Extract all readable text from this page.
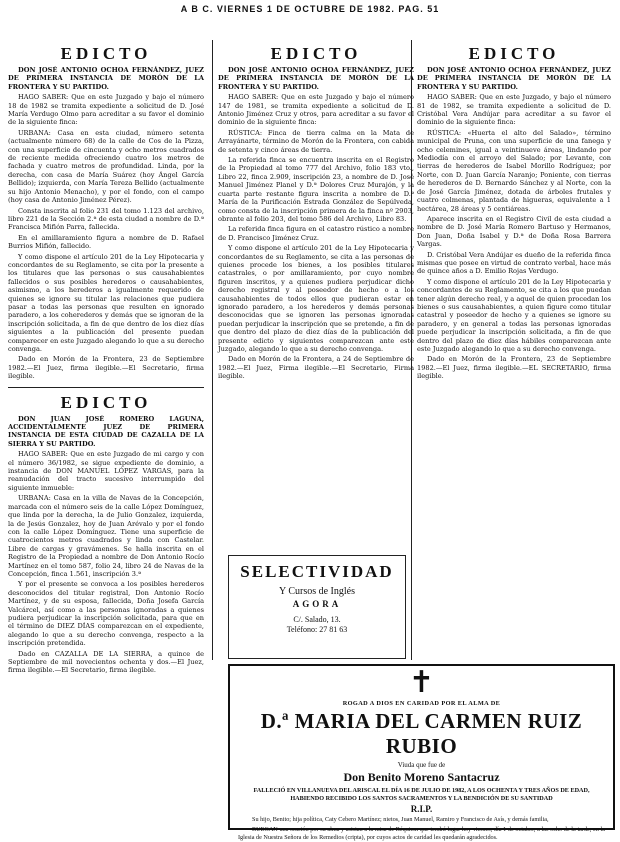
A B C. VIERNES 1 DE OCTUBRE DE 1982. PAG. 51
EDICTO

DON JOSÉ ANTONIO OCHOA FERNÁNDEZ, JUEZ DE PRIMERA INSTANCIA DE MORÓN DE LA FRONTERA Y SU PARTIDO.

HAGO SABER: Que en este Juzgado y bajo el número 18 de 1982 se tramita expediente a solicitud de D. José María Verdugo Olmo para acreditar a su favor el dominio de la siguiente finca:

URBANA: Casa en esta ciudad, número setenta (actualmente número 68) de la calle de Cos de la Pizza, con una superficie de cincuenta y ocho metros cuadrados de reciente medida ofreciendo cuatro los metros de fachada y cuatro metros de profundidad. Linda, por la derecha, con casa de María Suárez (hoy Ángel García Bellido); izquierda, con María Tereza Bellido (actualmente su hijo Antonio Menacho), y por el fondo, con el campo (hoy casa de Antonio Jiménez Pérez).

Consta inscrita al folio 231 del tomo 1.123 del archivo, libro 221 de la Sección 2.ª de esta ciudad a nombre de D.ª Francisca Mifión Parra, fallecida.

En el amillaramiento figura a nombre de D. Rafael Burrios Mifión, fallecido.

Y como dispone el artículo 201 de la Ley Hipotecaria y concordantes de su Reglamento, se cita por la presente a los titulares que las personas o sus causahabientes fallecidos o sus posibles herederos o causahabientes, asimismo, a los herederos a igualmente requerido de quienes se ignore su titular las relaciones que pudiera pasar a todas las personas que resulten en ignorado paradero, a los coherederos y demás que se ignoran de la inscripción solicitada, a fin de que dentro de los diez días siguientes a la publicación del presente puedan comparecer en este Juzgado alegando lo que a su derecho convenga.

Dado en Morón de la Frontera, 23 de Septiembre 1982.—El Juez, firma ilegible.—El Secretario, firma ilegible.

EDICTO

DON JUAN JOSÉ ROMERO LAGUNA, ACCIDENTALMENTE JUEZ DE PRIMERA INSTANCIA DE ESTA CIUDAD DE CAZALLA DE LA SIERRA Y SU PARTIDO.

HAGO SABER: Que en este Juzgado de mi cargo y con el número 36/1982, se sigue expediente de dominio, a instancia de DON MANUEL LÓPEZ VARGAS, para la reanudación del tracto sucesivo interrumpido del siguiente inmueble:

URBANA: Casa en la villa de Navas de la Concepción, marcada con el número seis de la calle López Domínguez, que linda por la derecha, la de Julio Gonzalez, izquierda, la de Jesús Gonzalez, hoy de Juan Arévalo y por el fondo con la calle López Domínguez. Tiene una superficie de cuatrocientos metros cuadrados y linda con Castelar. Libre de cargas y gravámenes. Se halla inscrita en el Registro de la Propiedad a nombre de Don Antonio Rocío Martínez en el tomo 587, folio 24, libro 24 de Navas de la Concepción, finca 1.561, inscripción 3.ª

Y por el presente se convoca a los posibles herederos desconocidos del titular registral, Don Antonio Rocío Martínez, y de su esposa, fallecida, Doña Josefa García Valcárcel, así como a las personas ignoradas a quienes pudiera perjudicar la inscripción solicitada, para que en el término de DIEZ DÍAS comparezcan en el expediente, alegando lo que a su derecho convenga, respecto a la inscripción pretendida.

Dado en CAZALLA DE LA SIERRA, a quince de Septiembre de mil novecientos ochenta y dos.—El Juez, firma ilegible.—El Secretario, firma ilegible.

EDICTO

DON JOSÉ ANTONIO OCHOA FERNÁNDEZ, JUEZ DE PRIMERA INSTANCIA DE MORÓN DE LA FRONTERA Y SU PARTIDO.

HAGO SABER: Que en este Juzgado y bajo el número 147 de 1981, se tramita expediente a solicitud de D. Antonio Jiménez Cruz y otros, para acreditar a su favor el dominio de la siguiente finca:

RÚSTICA: Finca de tierra calma en la Mata de Arrayánarte, término de Morón de la Frontera, con cabida de setenta y cinco áreas de tierra.

La referida finca se encuentra inscrita en el Registro de la Propiedad al tomo 777 del Archivo, folio 183 vto., Libro 22, finca 2.909, inscripción 23, a nombre de D. José Manuel Jiménez Planel y D.ª Dolores Cruz Murajón, y la cuarta parte restante figura inscrita a nombre de D.ª María de la Purificación Estrada González de Sepúlveda, como consta de la inscripción primera de la finca nº 2903, obrante al folio 203, del tomo 586 del Archivo, Libro 83.

La referida finca figura en el catastro rústico a nombre de D. Francisco Jiménez Cruz.

Y como dispone el artículo 201 de la Ley Hipotecaria y concordantes de su Reglamento, se cita a las personas de quienes procede los bienes, a los posibles titulares catastrales, o por amillaramiento, por cuyo nombre figuren inscritos, y a quienes pudiera perjudicar dicho derecho registral y al poseedor de hecho o a los causahabientes de todos ellos que pudieran estar en ignorado paradero, a los herederos y demás personas desconocidas que se ignoren las personas ignoradas puedan perjudicar la inscripción que se pretende, a fin de que dentro del plazo de diez días de la publicación del presente edicto y siguientes comparezcan ante este Juzgado, alegando lo que a su derecho convenga.

Dado en Morón de la Frontera, a 24 de Septiembre de 1982.—El Juez, Firma ilegible.—El Secretario, Firma ilegible.

EDICTO

DON JOSÉ ANTONIO OCHOA FERNÁNDEZ, JUEZ DE PRIMERA INSTANCIA DE MORÓN DE LA FRONTERA Y SU PARTIDO.

HAGO SABER: Que en este Juzgado, y bajo el número 81 de 1982, se tramita expediente a solicitud de D. Cristóbal Vera Andújar para acreditar a su favor el dominio de la siguiente finca:

RÚSTICA: «Huerta el alto del Salado», término municipal de Pruna, con una superficie de una fanega y ocho celemines, igual a veintinueve áreas, lindando por Mediodía con el arroyo del Salado; por Levante, con tierras de herederos de Isabel Morillo Rodríguez; por Norte, con D. Juan García Naranjo; Poniente, con tierras de herederos de D. Bernardo Sánchez y al Norte, con la de José García Jiménez, dotada de árboles frutales y cuatro colmenas, plantada de higueras, equivalente a 1 hectárea, 28 áreas y 5 centiáreas.

Aparece inscrita en el Registro Civil de esta ciudad a nombre de D. José María Romero Bartuso y Hermanos, Don Juan, Doña Isabel y D.ª de Doña Rosa Barrera Vargas.

D. Cristóbal Vera Andújar es dueño de la referida finca mismas que posee en virtud de contrato verbal, hace más de quince años a D. Emilio Rojas Verdugo.

Y como dispone el artículo 201 de la Ley Hipotecaria y concordantes de su Reglamento, se cita a los que puedan tener algún derecho real, y a aquel de quien procedan los bienes o sus causahabientes, a quien figure como titular catastral y poseedor de hecho y a quienes se ignore su paradero, y en general a todas las personas ignoradas puede perjudicar la inscripción solicitada, a fin de que dentro del plazo de diez días hábiles comparezcan ante este Juzgado alegando lo que a su derecho convenga.

Dado en Morón de la Frontera, 23 de Septiembre 1982.—El Juez, firma ilegible.—EL SECRETARIO, firma ilegible.

SELECTIVIDAD
Y Cursos de Inglés
AGORA
C/. Salado, 13.
Teléfono: 27 81 63
✝
ROGAD A DIOS EN CARIDAD POR EL ALMA DE
D.ª MARIA DEL CARMEN RUIZ RUBIO
Viuda que fue de
Don Benito Moreno Santacruz
FALLECIÓ EN VILLANUEVA DEL ARISCAL EL DÍA 16 DE JULIO DE 1982, A LOS OCHENTA Y TRES AÑOS DE EDAD, HABIENDO RECIBIDO LOS SANTOS SACRAMENTOS Y LA BENDICIÓN DE SU SANTIDAD
R.I.P.
Su hijo, Benito; hija política, Caty Cebero Martínez; nietos, Juan Manuel, Ramiro y Francisco de Asís, y demás familia,
RUEGAN una oración por su alma y asistan a la misa de Réquiem que tendrá lugar hoy viernes, día 1 de octubre, a las ocho de la tarde, en la Iglesia de Nuestra Señora de los Remedios (cripta), por cuyos actos de caridad les quedarán agradecidos.
